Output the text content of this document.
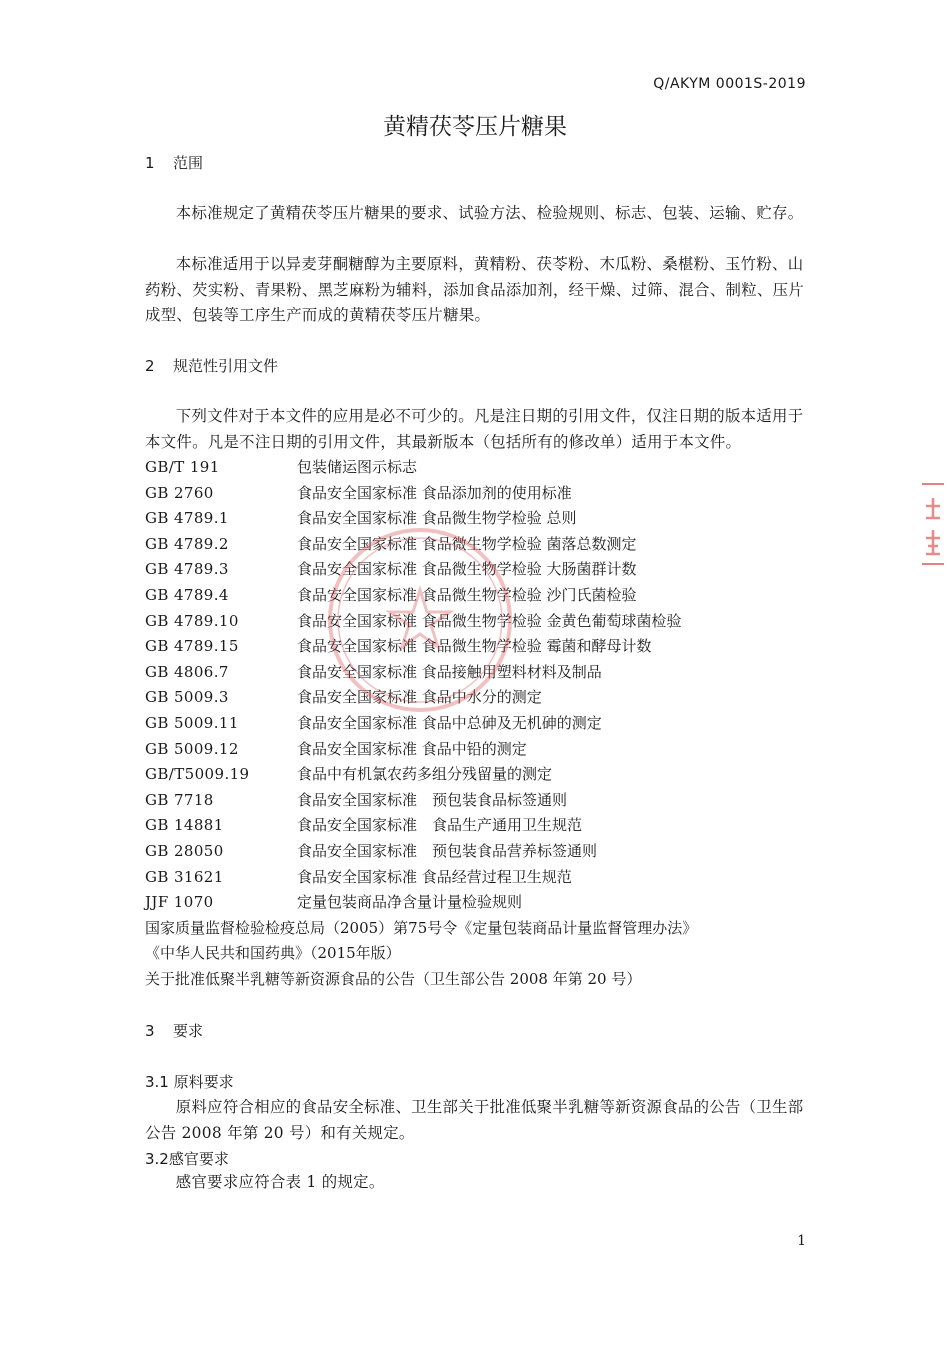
Q/AKYM 0001S-2019
黄精茯苓压片糖果
1 范围

本标准规定了黄精茯苓压片糖果的要求、试验方法、检验规则、标志、包装、运输、贮存。

本标准适用于以异麦芽酮糖醇为主要原料，黄精粉、茯苓粉、木瓜粉、桑椹粉、玉竹粉、山药粉、芡实粉、青果粉、黑芝麻粉为辅料，添加食品添加剂，经干燥、过筛、混合、制粒、压片成型、包装等工序生产而成的黄精茯苓压片糖果。

2 规范性引用文件

下列文件对于本文件的应用是必不可少的。凡是注日期的引用文件，仅注日期的版本适用于本文件。凡是不注日期的引用文件，其最新版本（包括所有的修改单）适用于本文件。

GB/T 191	包装储运图示标志
GB 2760	食品安全国家标准 食品添加剂的使用标准
GB 4789.1	食品安全国家标准 食品微生物学检验 总则
GB 4789.2	食品安全国家标准 食品微生物学检验 菌落总数测定
GB 4789.3	食品安全国家标准 食品微生物学检验 大肠菌群计数
GB 4789.4	食品安全国家标准 食品微生物学检验 沙门氏菌检验
GB 4789.10	食品安全国家标准 食品微生物学检验 金黄色葡萄球菌检验
GB 4789.15	食品安全国家标准 食品微生物学检验 霉菌和酵母计数
GB 4806.7	食品安全国家标准 食品接触用塑料材料及制品
GB 5009.3	食品安全国家标准 食品中水分的测定
GB 5009.11	食品安全国家标准 食品中总砷及无机砷的测定
GB 5009.12	食品安全国家标准 食品中铅的测定
GB/T5009.19	食品中有机氯农药多组分残留量的测定
GB 7718	食品安全国家标准　预包装食品标签通则
GB 14881	食品安全国家标准　食品生产通用卫生规范
GB 28050	食品安全国家标准　预包装食品营养标签通则
GB 31621	食品安全国家标准 食品经营过程卫生规范
JJF 1070	定量包装商品净含量计量检验规则
国家质量监督检验检疫总局（2005）第75号令《定量包装商品计量监督管理办法》
《中华人民共和国药典》（2015年版）
关于批准低聚半乳糖等新资源食品的公告（卫生部公告 2008 年第 20 号）
3 要求
3.1 原料要求

原料应符合相应的食品安全标准、卫生部关于批准低聚半乳糖等新资源食品的公告（卫生部公告 2008 年第 20 号）和有关规定。

3.2感官要求

感官要求应符合表 1 的规定。

1
